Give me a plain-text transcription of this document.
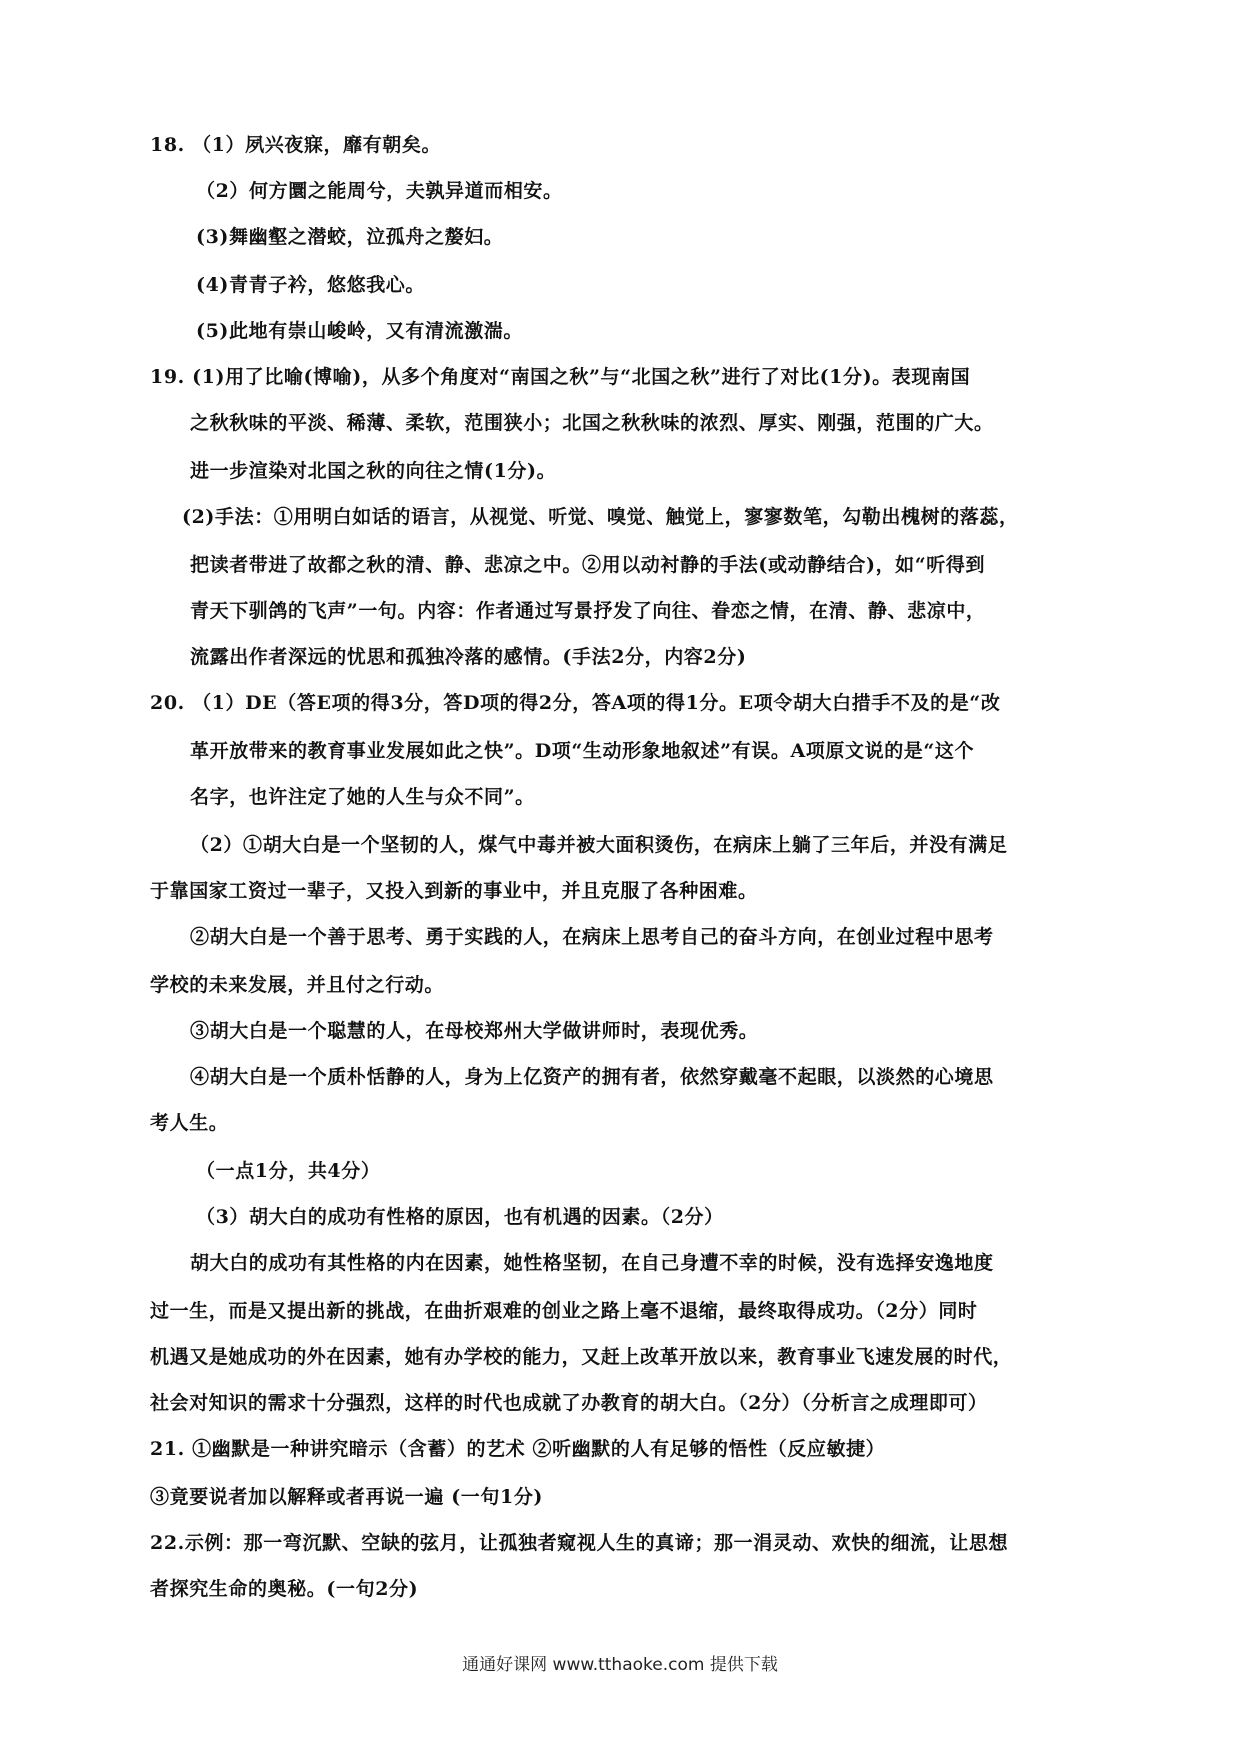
18. （1）夙兴夜寐，靡有朝矣。
（2）何方圜之能周兮，夫孰异道而相安。
(3)舞幽壑之潜蛟，泣孤舟之嫠妇。
(4)青青子衿，悠悠我心。
(5)此地有崇山峻岭，又有清流激湍。
19. (1)用了比喻(博喻)，从多个角度对“南国之秋”与“北国之秋”进行了对比(1分)。表现南国
之秋秋味的平淡、稀薄、柔软，范围狭小；北国之秋秋味的浓烈、厚实、刚强，范围的广大。
进一步渲染对北国之秋的向往之情(1分)。
(2)手法：①用明白如话的语言，从视觉、听觉、嗅觉、触觉上，寥寥数笔，勾勒出槐树的落蕊，
把读者带进了故都之秋的清、静、悲凉之中。②用以动衬静的手法(或动静结合)，如“听得到
青天下驯鸽的飞声”一句。内容：作者通过写景抒发了向往、眷恋之情，在清、静、悲凉中，
流露出作者深远的忧思和孤独冷落的感情。(手法2分，内容2分)
20. （1）DE（答E项的得3分，答D项的得2分，答A项的得1分。E项令胡大白措手不及的是“改
革开放带来的教育事业发展如此之快”。D项“生动形象地叙述”有误。A项原文说的是“这个
名字，也许注定了她的人生与众不同”。
（2）①胡大白是一个坚韧的人，煤气中毒并被大面积烫伤，在病床上躺了三年后，并没有满足
于靠国家工资过一辈子，又投入到新的事业中，并且克服了各种困难。
②胡大白是一个善于思考、勇于实践的人，在病床上思考自己的奋斗方向，在创业过程中思考
学校的未来发展，并且付之行动。
③胡大白是一个聪慧的人，在母校郑州大学做讲师时，表现优秀。
④胡大白是一个质朴恬静的人，身为上亿资产的拥有者，依然穿戴毫不起眼，以淡然的心境思
考人生。
（一点1分，共4分）
（3）胡大白的成功有性格的原因，也有机遇的因素。（2分）
胡大白的成功有其性格的内在因素，她性格坚韧，在自己身遭不幸的时候，没有选择安逸地度
过一生，而是又提出新的挑战，在曲折艰难的创业之路上毫不退缩，最终取得成功。（2分）同时
机遇又是她成功的外在因素，她有办学校的能力，又赶上改革开放以来，教育事业飞速发展的时代，
社会对知识的需求十分强烈，这样的时代也成就了办教育的胡大白。（2分）（分析言之成理即可）
21. ①幽默是一种讲究暗示（含蓄）的艺术 ②听幽默的人有足够的悟性（反应敏捷）
③竟要说者加以解释或者再说一遍 (一句1分)
22.示例：那一弯沉默、空缺的弦月，让孤独者窥视人生的真谛；那一涓灵动、欢快的细流，让思想
者探究生命的奥秘。(一句2分)
通通好课网 www.tthaoke.com 提供下载
